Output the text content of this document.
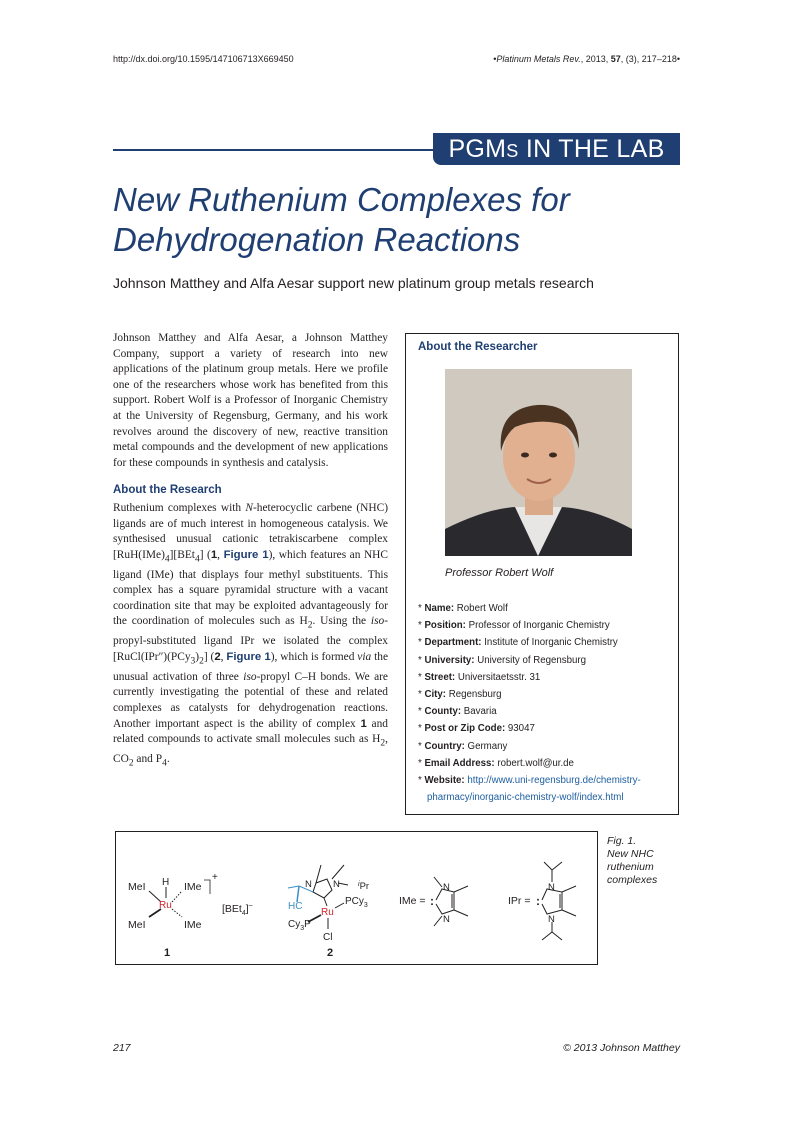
http://dx.doi.org/10.1595/147106713X669450	•Platinum Metals Rev., 2013, 57, (3), 217–218•
PGMS IN THE LAB
New Ruthenium Complexes for
Dehydrogenation Reactions
Johnson Matthey and Alfa Aesar support new platinum group metals research

Johnson Matthey and Alfa Aesar, a Johnson Matthey Company, support a variety of research into new applications of the platinum group metals. Here we profile one of the researchers whose work has benefited from this support. Robert Wolf is a Professor of Inorganic Chemistry at the University of Regensburg, Germany, and his work revolves around the discovery of new, reactive transition metal compounds and the development of new applications for these compounds in synthesis and catalysis.

About the Research

Ruthenium complexes with N-heterocyclic carbene (NHC) ligands are of much interest in homogeneous catalysis. We synthesised unusual cationic tetrakiscarbene complex $[RuH(IMe)_4][BEt_4]$ (1, Figure 1), which features an NHC ligand (IMe) that displays four methyl substituents. This complex has a square pyramidal structure with a vacant coordination site that may be exploited advantageously for the coordination of molecules such as $H_2$. Using the iso-propyl-substituted ligand IPr we isolated the complex $[RuCl(IPr'')(PCy_3)_2]$ (2, Figure 1), which is formed via the unusual activation of three iso-propyl C–H bonds. We are currently investigating the potential of these and related complexes as catalysts for dehydrogenation reactions. Another important aspect is the ability of complex 1 and related compounds to activate small molecules such as $H_2$, $CO_2$ and $P_4$.

About the Researcher
Professor Robert Wolf
* Name: Robert Wolf
* Position: Professor of Inorganic Chemistry
* Department: Institute of Inorganic Chemistry
* University: University of Regensburg
* Street: Universitaetsstr. 31
* City: Regensburg
* County: Bavaria
* Post or Zip Code: 93047
* Country: Germany
* Email Address: robert.wolf@ur.de
* Website: http://www.uni-regensburg.de/chemistry-pharmacy/inorganic-chemistry-wolf/index.html
H
Ru
MeI	IMe
MeI	IMe
+
[BEt$_4$]–
1
N N	$^i$Pr
PCy$_3$
HC
Ru
$Cy_3P$
Cl
2
IMe = :
N
N
IPr = :
N
N
Fig. 1.
New NHC
ruthenium
complexes
217	© 2013 Johnson Matthey
